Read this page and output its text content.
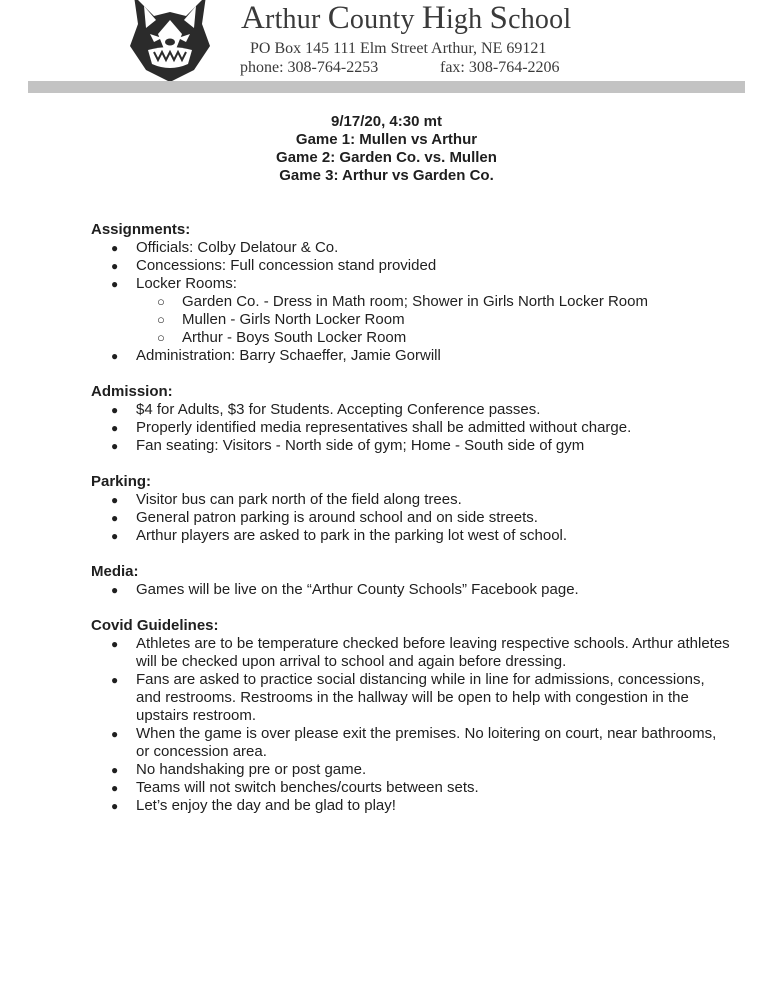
Arthur County High School
PO Box 145 111 Elm Street Arthur, NE 69121
phone: 308-764-2253	fax: 308-764-2206
9/17/20, 4:30 mt
Game 1: Mullen vs Arthur
Game 2: Garden Co. vs. Mullen
Game 3: Arthur vs Garden Co.
Assignments:
● Officials: Colby Delatour & Co.
● Concessions: Full concession stand provided
● Locker Rooms:
○ Garden Co. - Dress in Math room; Shower in Girls North Locker Room
○ Mullen - Girls North Locker Room
○ Arthur - Boys South Locker Room
● Administration: Barry Schaeffer, Jamie Gorwill
Admission:
● $4 for Adults, $3 for Students. Accepting Conference passes.
● Properly identified media representatives shall be admitted without charge.
● Fan seating: Visitors - North side of gym; Home - South side of gym
Parking:
● Visitor bus can park north of the field along trees.
● General patron parking is around school and on side streets.
● Arthur players are asked to park in the parking lot west of school.
Media:
● Games will be live on the “Arthur County Schools” Facebook page.
Covid Guidelines:
● Athletes are to be temperature checked before leaving respective schools. Arthur athletes will be checked upon arrival to school and again before dressing.
● Fans are asked to practice social distancing while in line for admissions, concessions, and restrooms. Restrooms in the hallway will be open to help with congestion in the upstairs restroom.
● When the game is over please exit the premises. No loitering on court, near bathrooms, or concession area.
● No handshaking pre or post game.
● Teams will not switch benches/courts between sets.
● Let’s enjoy the day and be glad to play!
